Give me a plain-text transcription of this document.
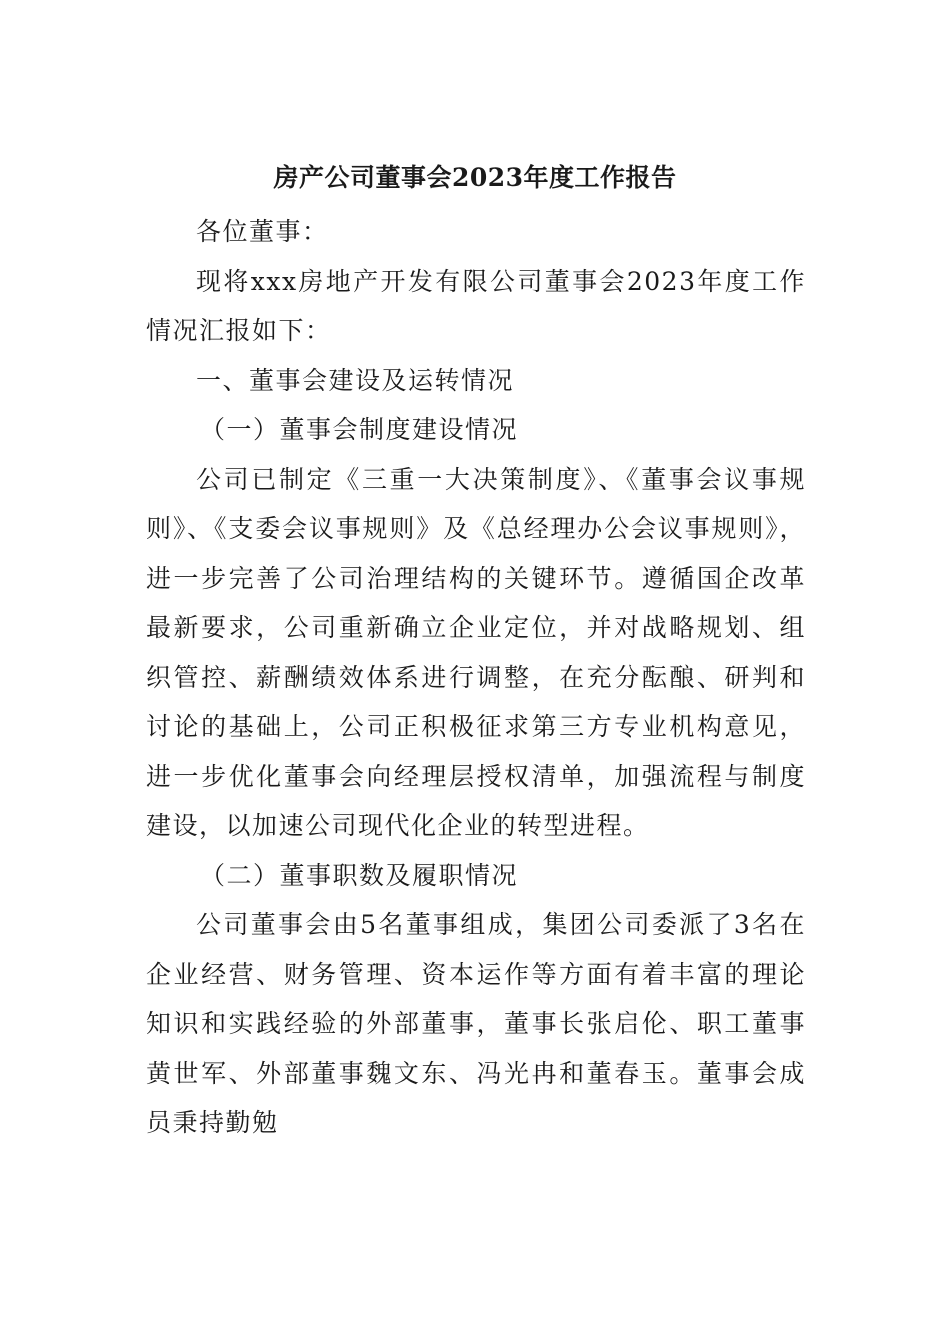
房产公司董事会2023年度工作报告

各位董事：

现将xxx房地产开发有限公司董事会2023年度工作情况汇报如下：

一、董事会建设及运转情况

（一）董事会制度建设情况

公司已制定《三重一大决策制度》、《董事会议事规则》、《支委会议事规则》及《总经理办公会议事规则》，进一步完善了公司治理结构的关键环节。遵循国企改革最新要求，公司重新确立企业定位，并对战略规划、组织管控、薪酬绩效体系进行调整，在充分酝酿、研判和讨论的基础上，公司正积极征求第三方专业机构意见，进一步优化董事会向经理层授权清单，加强流程与制度建设，以加速公司现代化企业的转型进程。

（二）董事职数及履职情况

公司董事会由5名董事组成，集团公司委派了3名在企业经营、财务管理、资本运作等方面有着丰富的理论知识和实践经验的外部董事，董事长张启伦、职工董事黄世军、外部董事魏文东、冯光冉和董春玉。董事会成员秉持勤勉
